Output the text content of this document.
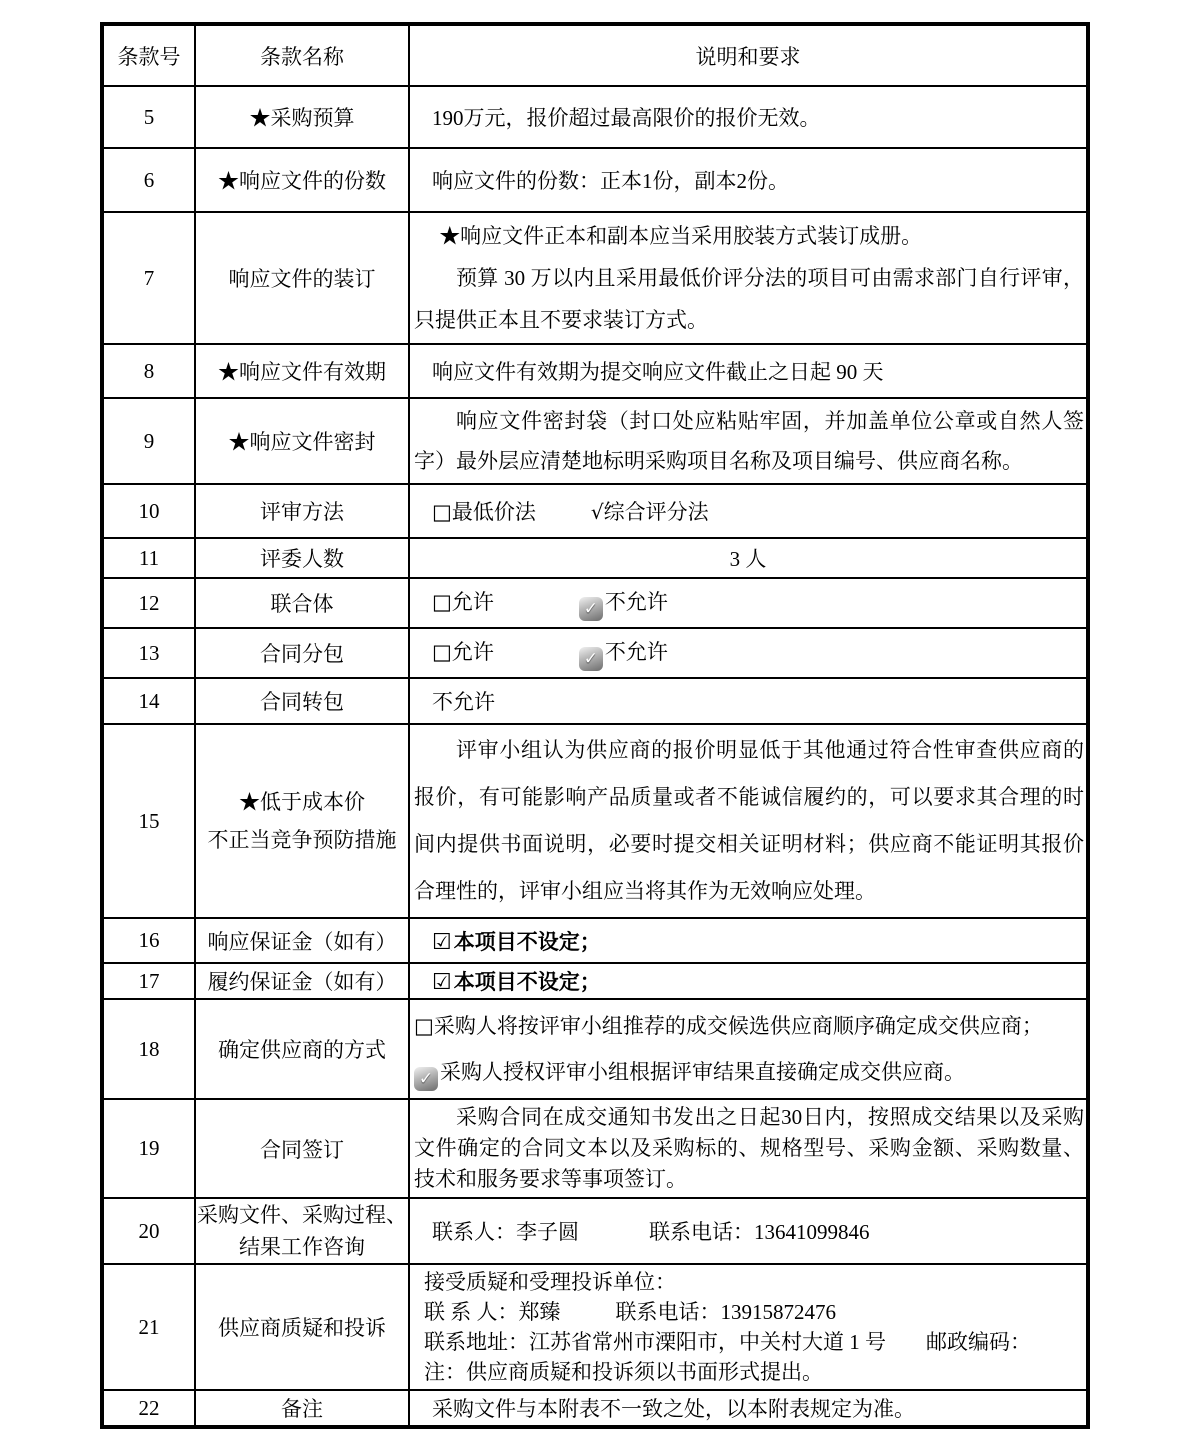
条款号	条款名称	说明和要求
5	★采购预算	190万元，报价超过最高限价的报价无效。
6	★响应文件的份数	响应文件的份数：正本1份，副本2份。
7	响应文件的装订	★响应文件正本和副本应当采用胶装方式装订成册。

预算 30 万以内且采用最低价评分法的项目可由需求部门自行评审，只提供正本且不要求装订方式。

8	★响应文件有效期	响应文件有效期为提交响应文件截止之日起 90 天
9	★响应文件密封	响应文件密封袋（封口处应粘贴牢固，并加盖单位公章或自然人签字）最外层应清楚地标明采购项目名称及项目编号、供应商名称。

10	评审方法	□最低价法 √综合评分法
11	评委人数	3 人
12	联合体	□允许 ✓ 不允许
13	合同分包	□允许 ✓ 不允许
14	合同转包	不允许
15	★低于成本价
不正当竞争预防措施	评审小组认为供应商的报价明显低于其他通过符合性审查供应商的报价，有可能影响产品质量或者不能诚信履约的，可以要求其合理的时间内提供书面说明，必要时提交相关证明材料；供应商不能证明其报价合理性的，评审小组应当将其作为无效响应处理。

16	响应保证金（如有）	☑本项目不设定；
17	履约保证金（如有）	☑本项目不设定；
18	确定供应商的方式	□采购人将按评审小组推荐的成交候选供应商顺序确定成交供应商；

✓ 采购人授权评审小组根据评审结果直接确定成交供应商。

19	合同签订	采购合同在成交通知书发出之日起30日内，按照成交结果以及采购文件确定的合同文本以及采购标的、规格型号、采购金额、采购数量、技术和服务要求等事项签订。

20	采购文件、采购过程、结果工作咨询	联系人：李子圆 联系电话：13641099846
21	供应商质疑和投诉	接受质疑和受理投诉单位：
联 系 人：郑臻 联系电话：13915872476
联系地址：江苏省常州市溧阳市，中关村大道 1 号 邮政编码：
注：供应商质疑和投诉须以书面形式提出。

22	备注	采购文件与本附表不一致之处，以本附表规定为准。
